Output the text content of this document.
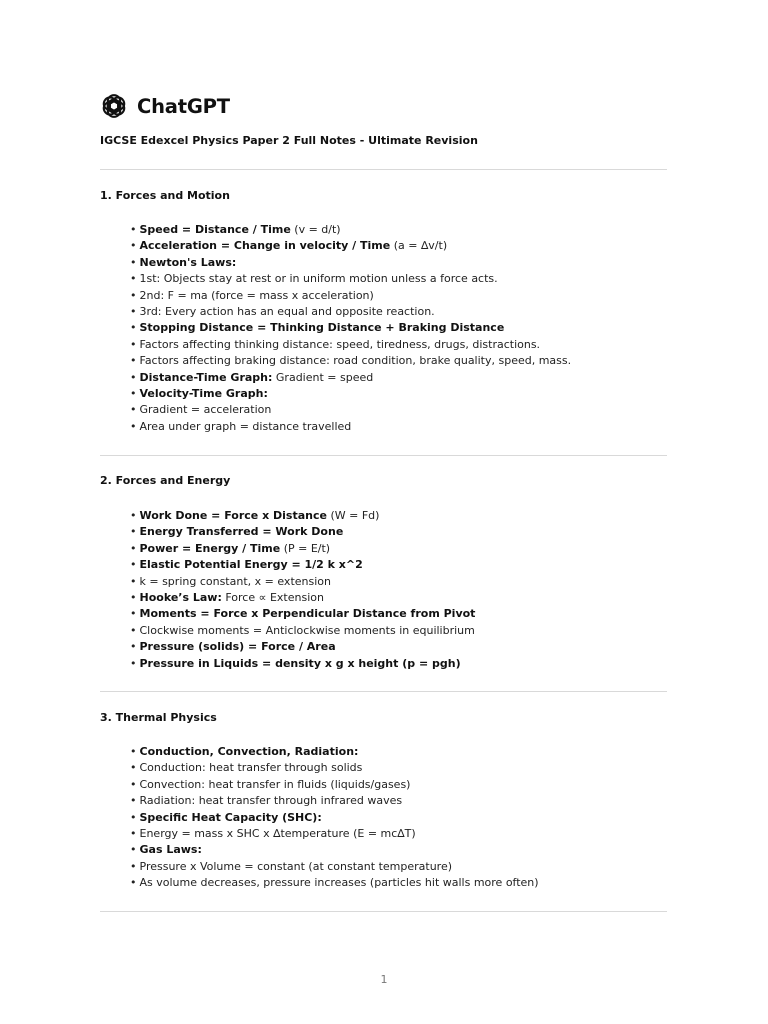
ChatGPT
IGCSE Edexcel Physics Paper 2 Full Notes - Ultimate Revision
1. Forces and Motion
• Speed = Distance / Time (v = d/t)
• Acceleration = Change in velocity / Time (a = ∆v/t)
• Newton's Laws:
• 1st: Objects stay at rest or in uniform motion unless a force acts.
• 2nd: F = ma (force = mass x acceleration)
• 3rd: Every action has an equal and opposite reaction.
• Stopping Distance = Thinking Distance + Braking Distance
• Factors affecting thinking distance: speed, tiredness, drugs, distractions.
• Factors affecting braking distance: road condition, brake quality, speed, mass.
• Distance-Time Graph: Gradient = speed
• Velocity-Time Graph:
• Gradient = acceleration
• Area under graph = distance travelled
2. Forces and Energy
• Work Done = Force x Distance (W = Fd)
• Energy Transferred = Work Done
• Power = Energy / Time (P = E/t)
• Elastic Potential Energy = 1/2 k x^2
• k = spring constant, x = extension
• Hooke’s Law: Force ∝ Extension
• Moments = Force x Perpendicular Distance from Pivot
• Clockwise moments = Anticlockwise moments in equilibrium
• Pressure (solids) = Force / Area
• Pressure in Liquids = density x g x height (p = pgh)
3. Thermal Physics
• Conduction, Convection, Radiation:
• Conduction: heat transfer through solids
• Convection: heat transfer in fluids (liquids/gases)
• Radiation: heat transfer through infrared waves
• Specific Heat Capacity (SHC):
• Energy = mass x SHC x ∆temperature (E = mc∆T)
• Gas Laws:
• Pressure x Volume = constant (at constant temperature)
• As volume decreases, pressure increases (particles hit walls more often)
1
